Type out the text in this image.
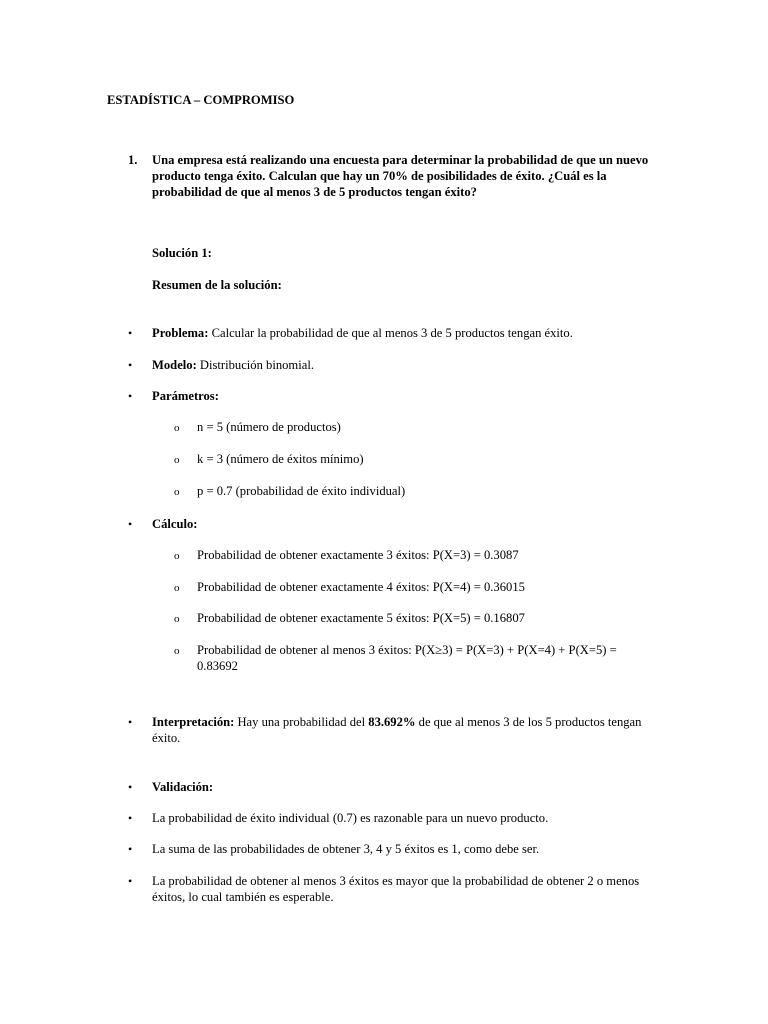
ESTADÍSTICA – COMPROMISO
1. Una empresa está realizando una encuesta para determinar la probabilidad de que un nuevo producto tenga éxito. Calculan que hay un 70% de posibilidades de éxito. ¿Cuál es la probabilidad de que al menos 3 de 5 productos tengan éxito?
Solución 1:
Resumen de la solución:
•	Problema: Calcular la probabilidad de que al menos 3 de 5 productos tengan éxito.
•	Modelo: Distribución binomial.
•	Parámetros:
o n = 5 (número de productos)
o k = 3 (número de éxitos mínimo)
o p = 0.7 (probabilidad de éxito individual)
•	Cálculo:
o Probabilidad de obtener exactamente 3 éxitos: P(X=3) = 0.3087
o Probabilidad de obtener exactamente 4 éxitos: P(X=4) = 0.36015
o Probabilidad de obtener exactamente 5 éxitos: P(X=5) = 0.16807
o Probabilidad de obtener al menos 3 éxitos: P(X≥3) = P(X=3) + P(X=4) + P(X=5) = 0.83692
•	Interpretación: Hay una probabilidad del 83.692% de que al menos 3 de los 5 productos tengan éxito.
•	Validación:
•	La probabilidad de éxito individual (0.7) es razonable para un nuevo producto.
•	La suma de las probabilidades de obtener 3, 4 y 5 éxitos es 1, como debe ser.
•	La probabilidad de obtener al menos 3 éxitos es mayor que la probabilidad de obtener 2 o menos éxitos, lo cual también es esperable.
